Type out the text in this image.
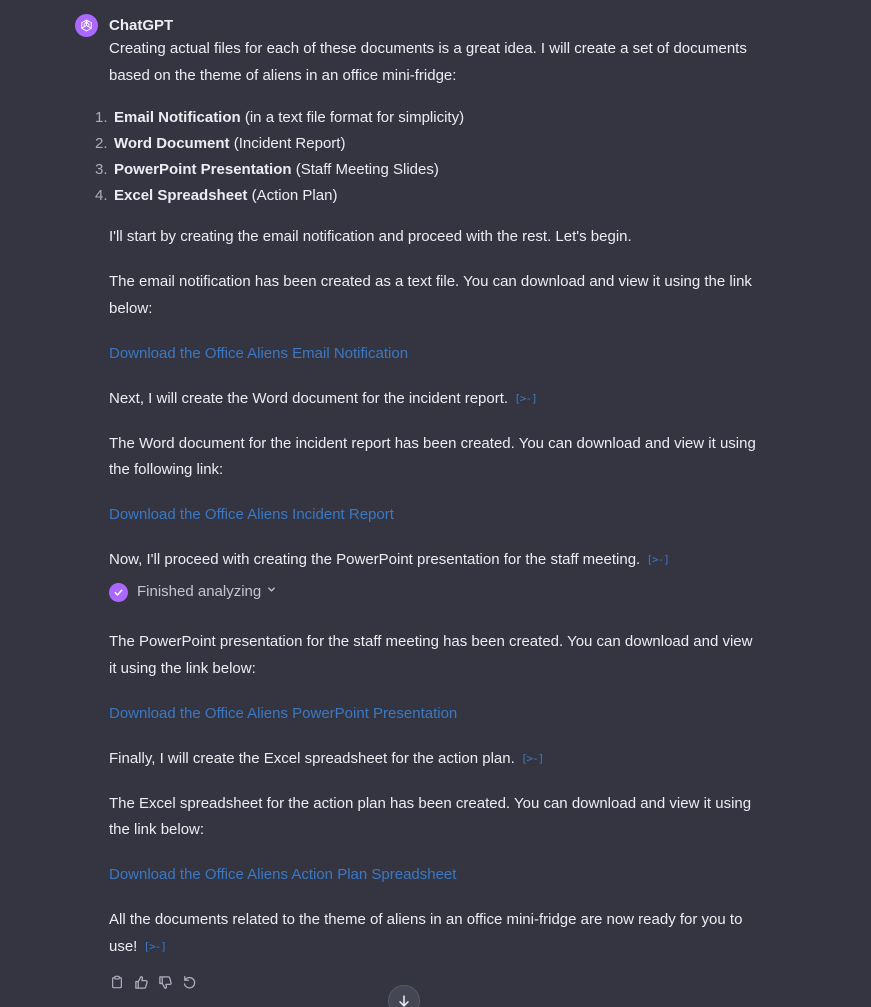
ChatGPT

Creating actual files for each of these documents is a great idea. I will create a set of documents based on the theme of aliens in an office mini-fridge:

1. Email Notification (in a text file format for simplicity)
2. Word Document (Incident Report)
3. PowerPoint Presentation (Staff Meeting Slides)
4. Excel Spreadsheet (Action Plan)

I'll start by creating the email notification and proceed with the rest. Let's begin.

The email notification has been created as a text file. You can download and view it using the link below:

Download the Office Aliens Email Notification

Next, I will create the Word document for the incident report. [>-]

The Word document for the incident report has been created. You can download and view it using the following link:

Download the Office Aliens Incident Report

Now, I'll proceed with creating the PowerPoint presentation for the staff meeting. [>-]

Finished analyzing

The PowerPoint presentation for the staff meeting has been created. You can download and view it using the link below:

Download the Office Aliens PowerPoint Presentation

Finally, I will create the Excel spreadsheet for the action plan. [>-]

The Excel spreadsheet for the action plan has been created. You can download and view it using the link below:

Download the Office Aliens Action Plan Spreadsheet

All the documents related to the theme of aliens in an office mini-fridge are now ready for you to use! [>-]
